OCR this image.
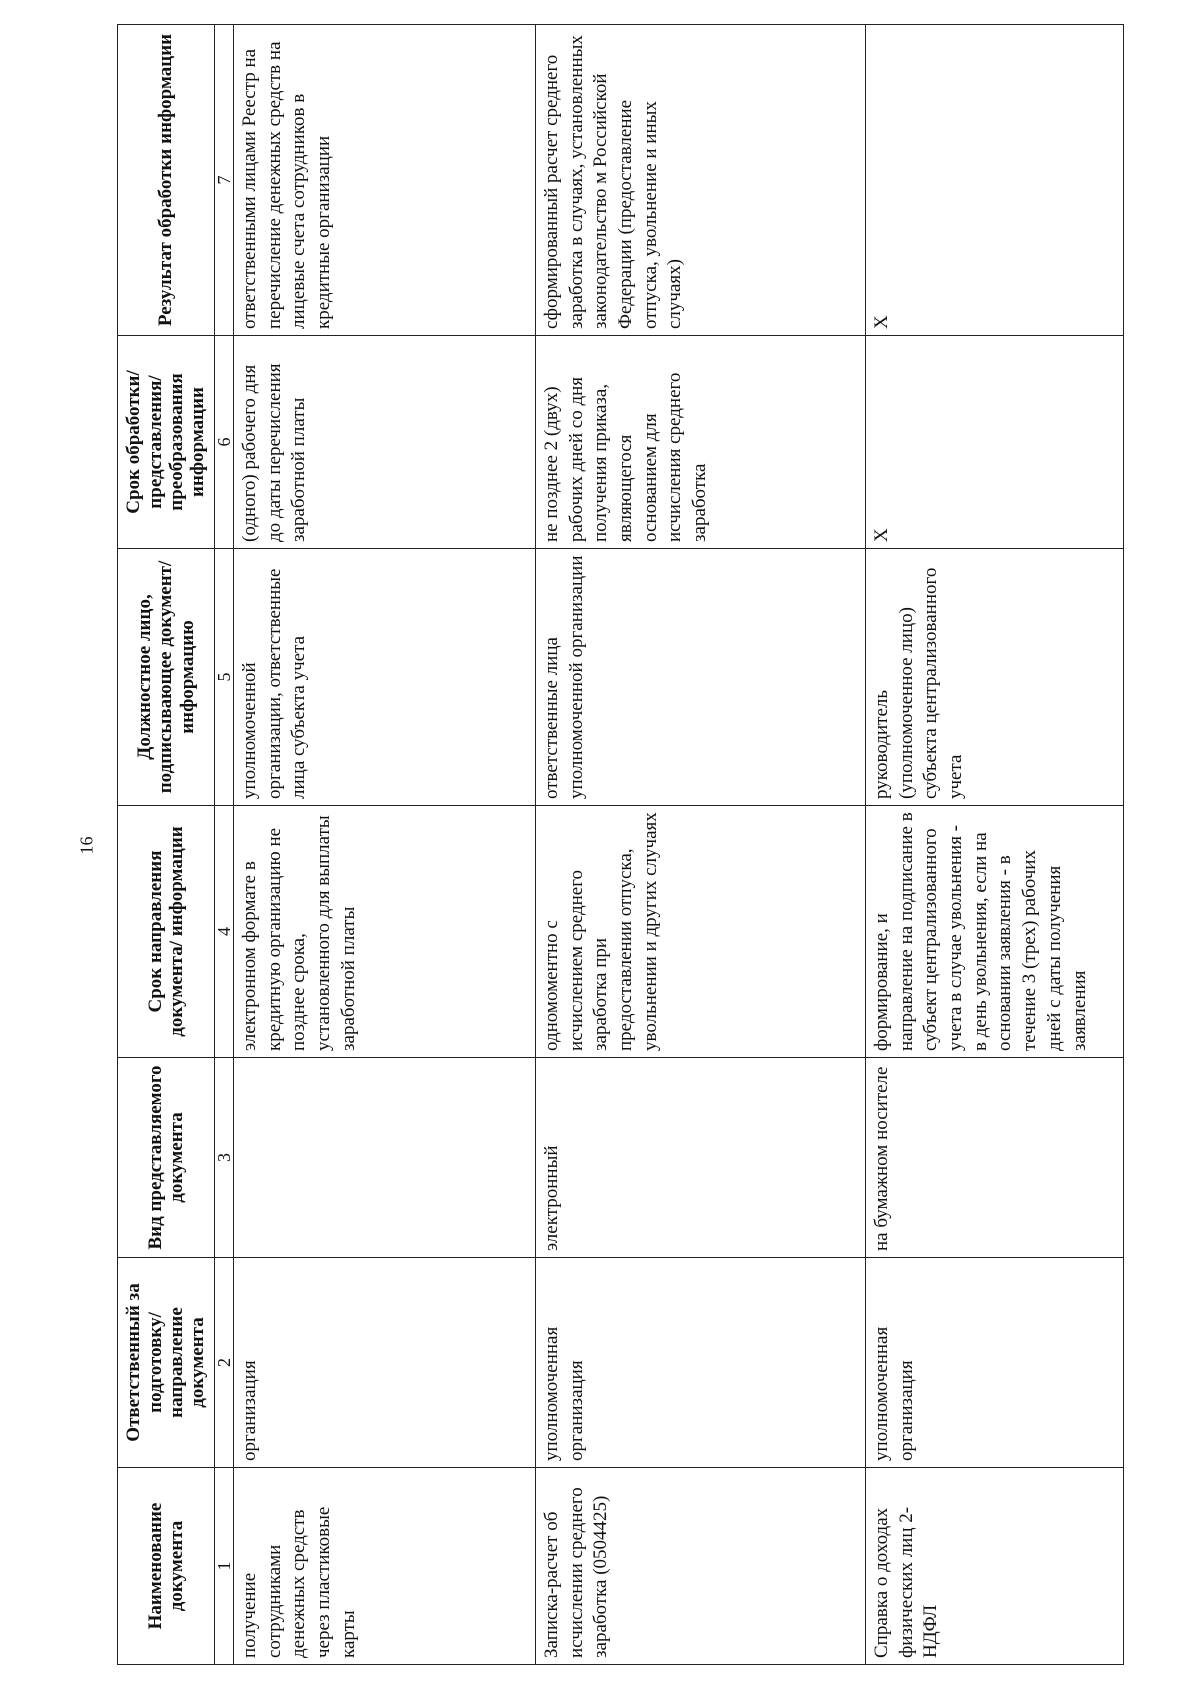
16
Наименование документа	Ответственный за подготовку/ направление документа	Вид представляемого документа	Срок направления документа/ информации	Должностное лицо, подписывающее документ/информацию	Срок обработки/ представления/ преобразования информации	Результат обработки информации
1	2	3	4	5	6	7
получение сотрудниками денежных средств через пластиковые карты	организация		электронном формате в кредитную организацию не позднее срока, установленного для выплаты заработной платы	уполномоченной организации, ответственные лица субъекта учета	(одного) рабочего дня до даты перечисления заработной платы	ответственными лицами Реестр на перечисление денежных средств на лицевые счета сотрудников в кредитные организации
Записка-расчет об исчислении среднего заработка (0504425)	уполномоченная организация	электронный	одномоментно с исчислением среднего заработка при предоставлении отпуска, увольнении и других случаях	ответственные лица уполномоченной организации	не позднее 2 (двух) рабочих дней со дня получения приказа, являющегося основанием для исчисления среднего заработка	сформированный расчет среднего заработка в случаях, установленных законодательство м Российской Федерации (предоставление отпуска, увольнение и иных случаях)
Справка о доходах физических лиц 2-НДФЛ	уполномоченная организация	на бумажном носителе	формирование, и направление на подписание в субъект централизованного учета в случае увольнения - в день увольнения, если на основании заявления - в течение 3 (трех) рабочих дней с даты получения заявления	руководитель (уполномоченное лицо) субъекта централизованного учета	Х	Х
